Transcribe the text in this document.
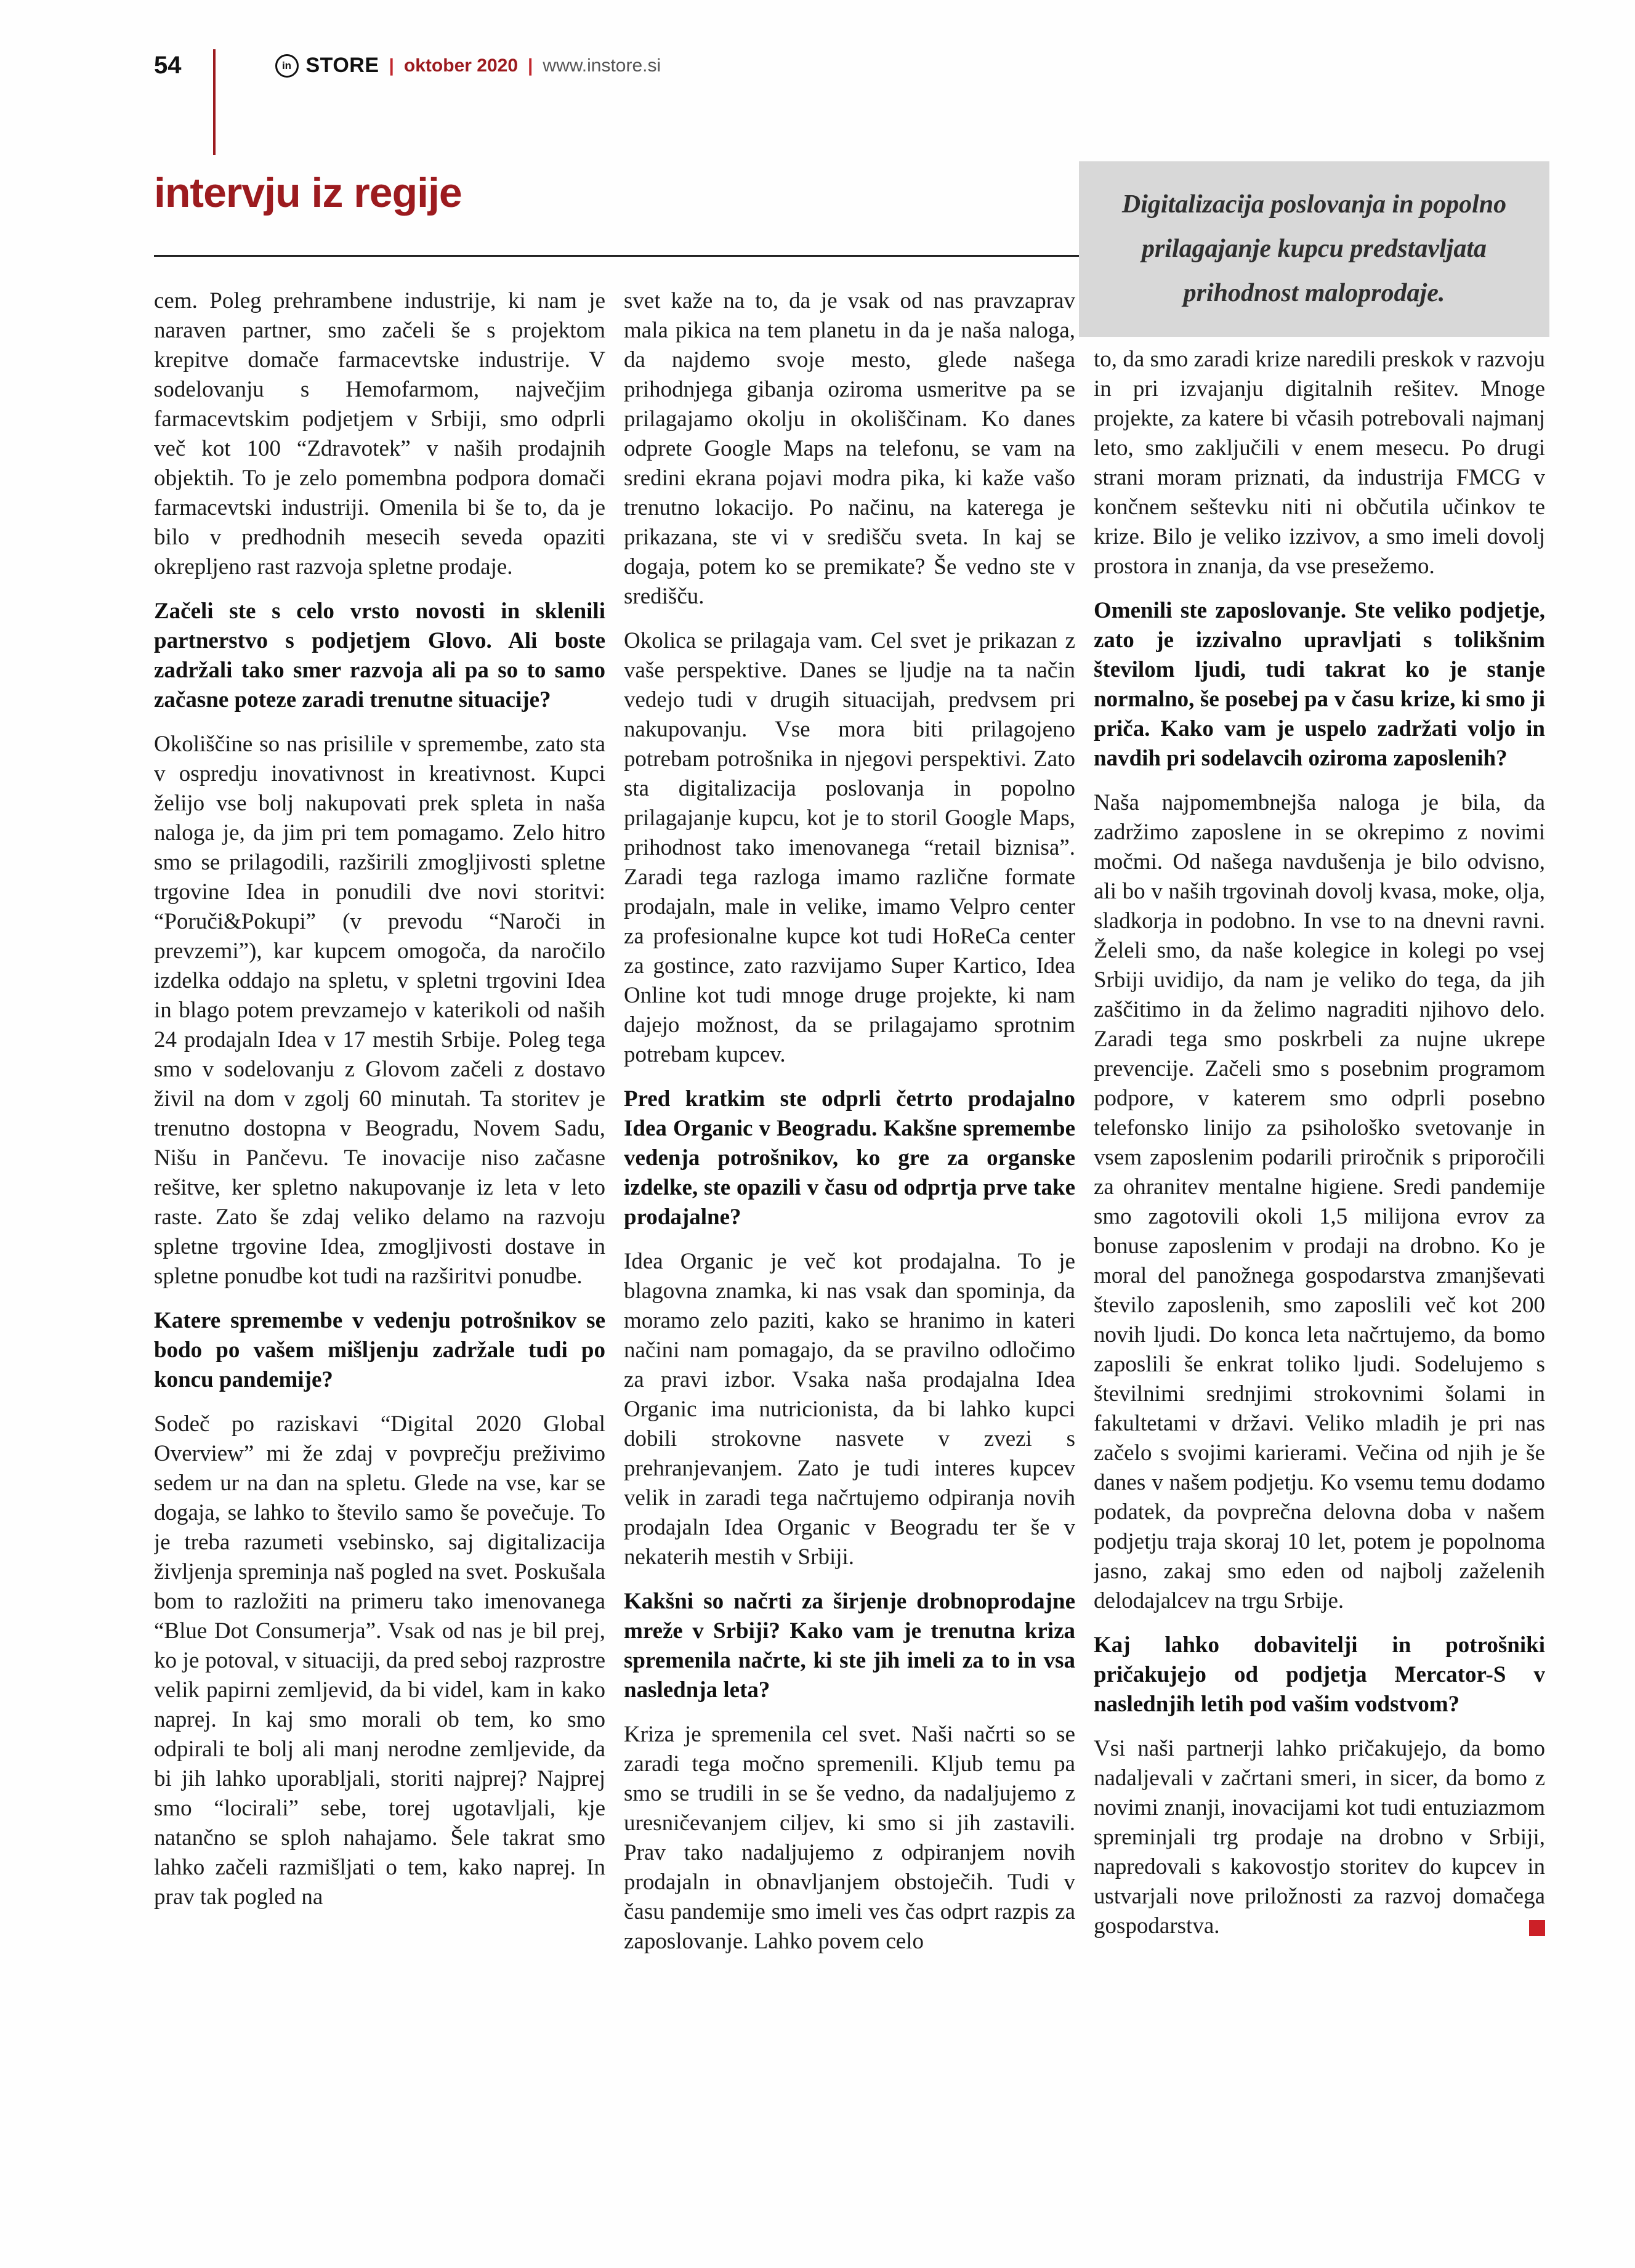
54	in STORE | oktober 2020 | www.instore.si
intervju iz regije	Digitalizacija poslovanja in popolno prilagajanje kupcu predstavljata prihodnost maloprodaje.

cem. Poleg prehrambene industrije, ki nam je naraven partner, smo začeli še s projektom krepitve domače farmacevtske industrije. V sodelovanju s Hemofarmom, največjim farmacevtskim podjetjem v Srbiji, smo odprli več kot 100 “Zdravotek” v naših prodajnih objektih. To je zelo pomembna podpora domači farmacevtski industriji. Omenila bi še to, da je bilo v predhodnih mesecih seveda opaziti okrepljeno rast razvoja spletne prodaje.

Začeli ste s celo vrsto novosti in sklenili partnerstvo s podjetjem Glovo. Ali boste zadržali tako smer razvoja ali pa so to samo začasne poteze zaradi trenutne situacije?

Okoliščine so nas prisilile v spremembe, zato sta v ospredju inovativnost in kreativnost. Kupci želijo vse bolj nakupovati prek spleta in naša naloga je, da jim pri tem pomagamo. Zelo hitro smo se prilagodili, razširili zmogljivosti spletne trgovine Idea in ponudili dve novi storitvi: “Poruči&Pokupi” (v prevodu “Naroči in prevzemi”), kar kupcem omogoča, da naročilo izdelka oddajo na spletu, v spletni trgovini Idea in blago potem prevzamejo v katerikoli od naših 24 prodajaln Idea v 17 mestih Srbije. Poleg tega smo v sodelovanju z Glovom začeli z dostavo živil na dom v zgolj 60 minutah. Ta storitev je trenutno dostopna v Beogradu, Novem Sadu, Nišu in Pančevu. Te inovacije niso začasne rešitve, ker spletno nakupovanje iz leta v leto raste. Zato še zdaj veliko delamo na razvoju spletne trgovine Idea, zmogljivosti dostave in spletne ponudbe kot tudi na razširitvi ponudbe.

Katere spremembe v vedenju potrošnikov se bodo po vašem mišljenju zadržale tudi po koncu pandemije?

Sodeč po raziskavi “Digital 2020 Global Overview” mi že zdaj v povprečju preživimo sedem ur na dan na spletu. Glede na vse, kar se dogaja, se lahko to število samo še povečuje. To je treba razumeti vsebinsko, saj digitalizacija življenja spreminja naš pogled na svet. Poskušala bom to razložiti na primeru tako imenovanega “Blue Dot Consumerja”. Vsak od nas je bil prej, ko je potoval, v situaciji, da pred seboj razprostre velik papirni zemljevid, da bi videl, kam in kako naprej. In kaj smo morali ob tem, ko smo odpirali te bolj ali manj nerodne zemljevide, da bi jih lahko uporabljali, storiti najprej? Najprej smo “locirali” sebe, torej ugotavljali, kje natančno se sploh nahajamo. Šele takrat smo lahko začeli razmišljati o tem, kako naprej. In prav tak pogled na

svet kaže na to, da je vsak od nas pravzaprav mala pikica na tem planetu in da je naša naloga, da najdemo svoje mesto, glede našega prihodnjega gibanja oziroma usmeritve pa se prilagajamo okolju in okoliščinam. Ko danes odprete Google Maps na telefonu, se vam na sredini ekrana pojavi modra pika, ki kaže vašo trenutno lokacijo. Po načinu, na katerega je prikazana, ste vi v središču sveta. In kaj se dogaja, potem ko se premikate? Še vedno ste v središču.

Okolica se prilagaja vam. Cel svet je prikazan z vaše perspektive. Danes se ljudje na ta način vedejo tudi v drugih situacijah, predvsem pri nakupovanju. Vse mora biti prilagojeno potrebam potrošnika in njegovi perspektivi. Zato sta digitalizacija poslovanja in popolno prilagajanje kupcu, kot je to storil Google Maps, prihodnost tako imenovanega “retail biznisa”. Zaradi tega razloga imamo različne formate prodajaln, male in velike, imamo Velpro center za profesionalne kupce kot tudi HoReCa center za gostince, zato razvijamo Super Kartico, Idea Online kot tudi mnoge druge projekte, ki nam dajejo možnost, da se prilagajamo sprotnim potrebam kupcev.

Pred kratkim ste odprli četrto prodajalno Idea Organic v Beogradu. Kakšne spremembe vedenja potrošnikov, ko gre za organske izdelke, ste opazili v času od odprtja prve take prodajalne?

Idea Organic je več kot prodajalna. To je blagovna znamka, ki nas vsak dan spominja, da moramo zelo paziti, kako se hranimo in kateri načini nam pomagajo, da se pravilno odločimo za pravi izbor. Vsaka naša prodajalna Idea Organic ima nutricionista, da bi lahko kupci dobili strokovne nasvete v zvezi s prehranjevanjem. Zato je tudi interes kupcev velik in zaradi tega načrtujemo odpiranja novih prodajaln Idea Organic v Beogradu ter še v nekaterih mestih v Srbiji.

Kakšni so načrti za širjenje drobnoprodajne mreže v Srbiji? Kako vam je trenutna kriza spremenila načrte, ki ste jih imeli za to in vsa naslednja leta?

Kriza je spremenila cel svet. Naši načrti so se zaradi tega močno spremenili. Kljub temu pa smo se trudili in se še vedno, da nadaljujemo z uresničevanjem ciljev, ki smo si jih zastavili. Prav tako nadaljujemo z odpiranjem novih prodajaln in obnavljanjem obstoječih. Tudi v času pandemije smo imeli ves čas odprt razpis za zaposlovanje. Lahko povem celo

to, da smo zaradi krize naredili preskok v razvoju in pri izvajanju digitalnih rešitev. Mnoge projekte, za katere bi včasih potrebovali najmanj leto, smo zaključili v enem mesecu. Po drugi strani moram priznati, da industrija FMCG v končnem seštevku niti ni občutila učinkov te krize. Bilo je veliko izzivov, a smo imeli dovolj prostora in znanja, da vse presežemo.

Omenili ste zaposlovanje. Ste veliko podjetje, zato je izzivalno upravljati s tolikšnim številom ljudi, tudi takrat ko je stanje normalno, še posebej pa v času krize, ki smo ji priča. Kako vam je uspelo zadržati voljo in navdih pri sodelavcih oziroma zaposlenih?

Naša najpomembnejša naloga je bila, da zadržimo zaposlene in se okrepimo z novimi močmi. Od našega navdušenja je bilo odvisno, ali bo v naših trgovinah dovolj kvasa, moke, olja, sladkorja in podobno. In vse to na dnevni ravni. Želeli smo, da naše kolegice in kolegi po vsej Srbiji uvidijo, da nam je veliko do tega, da jih zaščitimo in da želimo nagraditi njihovo delo. Zaradi tega smo poskrbeli za nujne ukrepe prevencije. Začeli smo s posebnim programom podpore, v katerem smo odprli posebno telefonsko linijo za psihološko svetovanje in vsem zaposlenim podarili priročnik s priporočili za ohranitev mentalne higiene. Sredi pandemije smo zagotovili okoli 1,5 milijona evrov za bonuse zaposlenim v prodaji na drobno. Ko je moral del panožnega gospodarstva zmanjševati število zaposlenih, smo zaposlili več kot 200 novih ljudi. Do konca leta načrtujemo, da bomo zaposlili še enkrat toliko ljudi. Sodelujemo s številnimi srednjimi strokovnimi šolami in fakultetami v državi. Veliko mladih je pri nas začelo s svojimi karierami. Večina od njih je še danes v našem podjetju. Ko vsemu temu dodamo podatek, da povprečna delovna doba v našem podjetju traja skoraj 10 let, potem je popolnoma jasno, zakaj smo eden od najbolj zaželenih delodajalcev na trgu Srbije.

Kaj lahko dobavitelji in potrošniki pričakujejo od podjetja Mercator-S v naslednjih letih pod vašim vodstvom?

Vsi naši partnerji lahko pričakujejo, da bomo nadaljevali v začrtani smeri, in sicer, da bomo z novimi znanji, inovacijami kot tudi entuziazmom spreminjali trg prodaje na drobno v Srbiji, napredovali s kakovostjo storitev do kupcev in ustvarjali nove priložnosti za razvoj domačega gospodarstva.
